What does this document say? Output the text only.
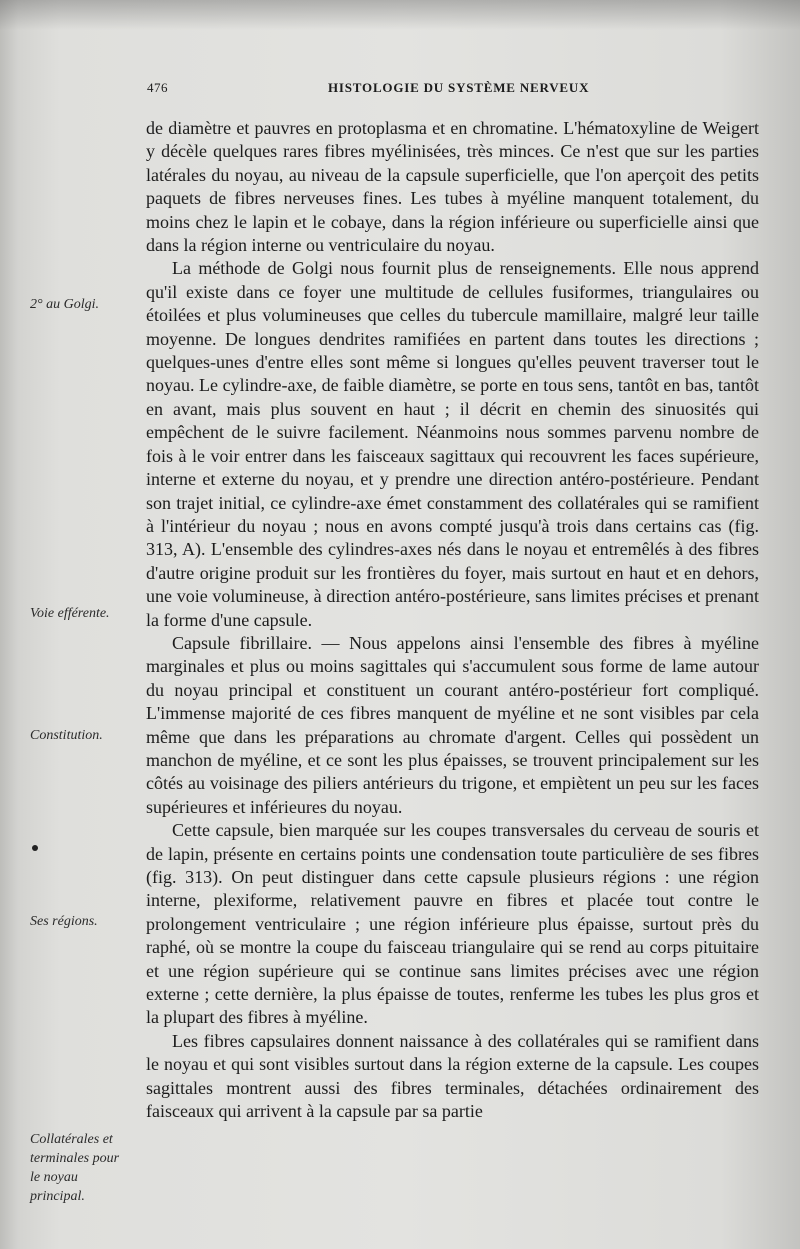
476	HISTOLOGIE DU SYSTÈME NERVEUX
2° au Golgi.
Voie efférente.
Constitution.
Ses régions.
Collatérales et terminales pour le noyau principal.

de diamètre et pauvres en protoplasma et en chromatine. L'hématoxyline de Weigert y décèle quelques rares fibres myélinisées, très minces. Ce n'est que sur les parties latérales du noyau, au niveau de la capsule superficielle, que l'on aperçoit des petits paquets de fibres nerveuses fines. Les tubes à myéline manquent totalement, du moins chez le lapin et le cobaye, dans la région inférieure ou superficielle ainsi que dans la région interne ou ventriculaire du noyau.

La méthode de Golgi nous fournit plus de renseignements. Elle nous apprend qu'il existe dans ce foyer une multitude de cellules fusiformes, triangulaires ou étoilées et plus volumineuses que celles du tubercule mamillaire, malgré leur taille moyenne. De longues dendrites ramifiées en partent dans toutes les directions ; quelques-unes d'entre elles sont même si longues qu'elles peuvent traverser tout le noyau. Le cylindre-axe, de faible diamètre, se porte en tous sens, tantôt en bas, tantôt en avant, mais plus souvent en haut ; il décrit en chemin des sinuosités qui empêchent de le suivre facilement. Néanmoins nous sommes parvenu nombre de fois à le voir entrer dans les faisceaux sagittaux qui recouvrent les faces supérieure, interne et externe du noyau, et y prendre une direction antéro-postérieure. Pendant son trajet initial, ce cylindre-axe émet constamment des collatérales qui se ramifient à l'intérieur du noyau ; nous en avons compté jusqu'à trois dans certains cas (fig. 313, A). L'ensemble des cylindres-axes nés dans le noyau et entremêlés à des fibres d'autre origine produit sur les frontières du foyer, mais surtout en haut et en dehors, une voie volumineuse, à direction antéro-postérieure, sans limites précises et prenant la forme d'une capsule.

Capsule fibrillaire. — Nous appelons ainsi l'ensemble des fibres à myéline marginales et plus ou moins sagittales qui s'accumulent sous forme de lame autour du noyau principal et constituent un courant antéro-postérieur fort compliqué. L'immense majorité de ces fibres manquent de myéline et ne sont visibles par cela même que dans les préparations au chromate d'argent. Celles qui possèdent un manchon de myéline, et ce sont les plus épaisses, se trouvent principalement sur les côtés au voisinage des piliers antérieurs du trigone, et empiètent un peu sur les faces supérieures et inférieures du noyau.

Cette capsule, bien marquée sur les coupes transversales du cerveau de souris et de lapin, présente en certains points une condensation toute particulière de ses fibres (fig. 313). On peut distinguer dans cette capsule plusieurs régions : une région interne, plexiforme, relativement pauvre en fibres et placée tout contre le prolongement ventriculaire ; une région inférieure plus épaisse, surtout près du raphé, où se montre la coupe du faisceau triangulaire qui se rend au corps pituitaire et une région supérieure qui se continue sans limites précises avec une région externe ; cette dernière, la plus épaisse de toutes, renferme les tubes les plus gros et la plupart des fibres à myéline.

Les fibres capsulaires donnent naissance à des collatérales qui se ramifient dans le noyau et qui sont visibles surtout dans la région externe de la capsule. Les coupes sagittales montrent aussi des fibres terminales, détachées ordinairement des faisceaux qui arrivent à la capsule par sa partie
